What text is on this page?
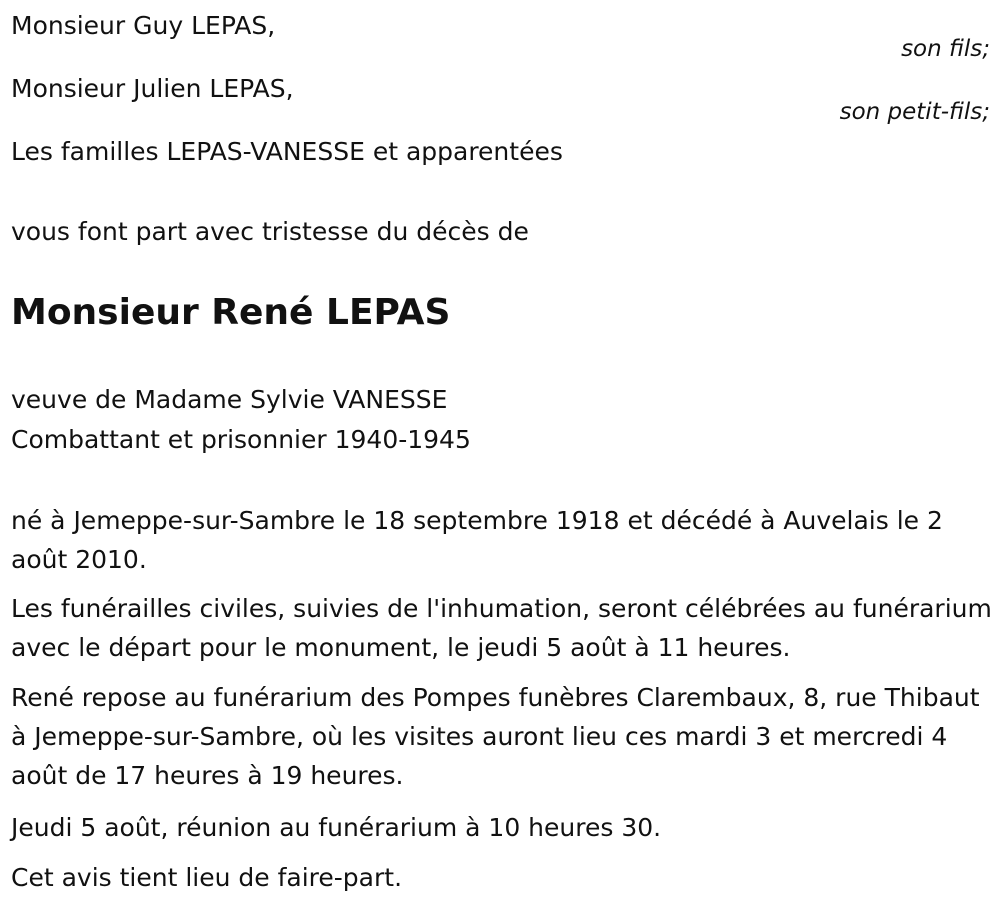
Monsieur Guy LEPAS,

son fils;

Monsieur Julien LEPAS,

son petit-fils;

Les familles LEPAS-VANESSE et apparentées

vous font part avec tristesse du décès de

Monsieur René LEPAS

veuve de Madame Sylvie VANESSE

Combattant et prisonnier 1940-1945

né à Jemeppe-sur-Sambre le 18 septembre 1918 et décédé à Auvelais le 2 août 2010.

Les funérailles civiles, suivies de l'inhumation, seront célébrées au funérarium avec le départ pour le monument, le jeudi 5 août à 11 heures.

René repose au funérarium des Pompes funèbres Clarembaux, 8, rue Thibaut à Jemeppe-sur-Sambre, où les visites auront lieu ces mardi 3 et mercredi 4 août de 17 heures à 19 heures.

Jeudi 5 août, réunion au funérarium à 10 heures 30.

Cet avis tient lieu de faire-part.
